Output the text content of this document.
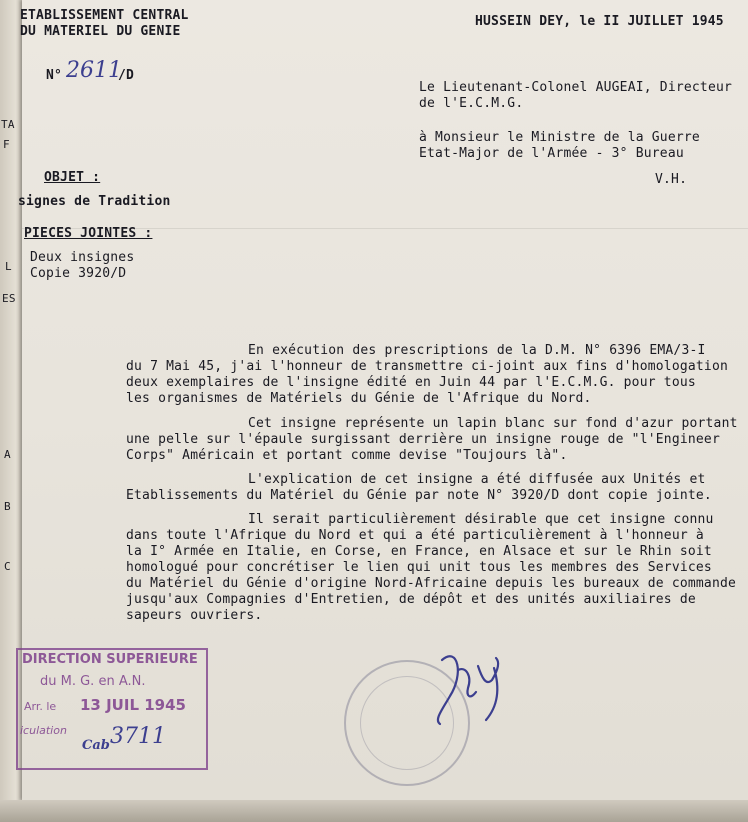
TA
F
L
ES
A
B
C
ETABLISSEMENT CENTRAL
DU MATERIEL DU GENIE
N° 2611
/D
HUSSEIN DEY, le II JUILLET 1945
Le Lieutenant-Colonel AUGEAI, Directeur
de l'E.C.M.G.
à Monsieur le Ministre de la Guerre
Etat-Major de l'Armée - 3° Bureau
V.H.
OBJET :
signes de Tradition
PIECES JOINTES :
Deux insignes
Copie 3920/D
En exécution des prescriptions de la D.M. N° 6396 EMA/3-I
du 7 Mai 45, j'ai l'honneur de transmettre ci-joint aux fins d'homologation
deux exemplaires de l'insigne édité en Juin 44 par l'E.C.M.G. pour tous
les organismes de Matériels du Génie de l'Afrique du Nord.
Cet insigne représente un lapin blanc sur fond d'azur portant
une pelle sur l'épaule surgissant derrière un insigne rouge de "l'Engineer
Corps" Américain et portant comme devise "Toujours là".
L'explication de cet insigne a été diffusée aux Unités et
Etablissements du Matériel du Génie par note N° 3920/D dont copie jointe.
Il serait particulièrement désirable que cet insigne connu
dans toute l'Afrique du Nord et qui a été particulièrement à l'honneur à
la I° Armée en Italie, en Corse, en France, en Alsace et sur le Rhin soit
homologué pour concrétiser le lien qui unit tous les membres des Services
du Matériel du Génie d'origine Nord-Africaine depuis les bureaux de commande
jusqu'aux Compagnies d'Entretien, de dépôt et des unités auxiliaires de
sapeurs ouvriers.
DIRECTION SUPERIEURE
du M. G. en A.N.
Arr. le 13 JUIL 1945
iculation
Cab 3711
